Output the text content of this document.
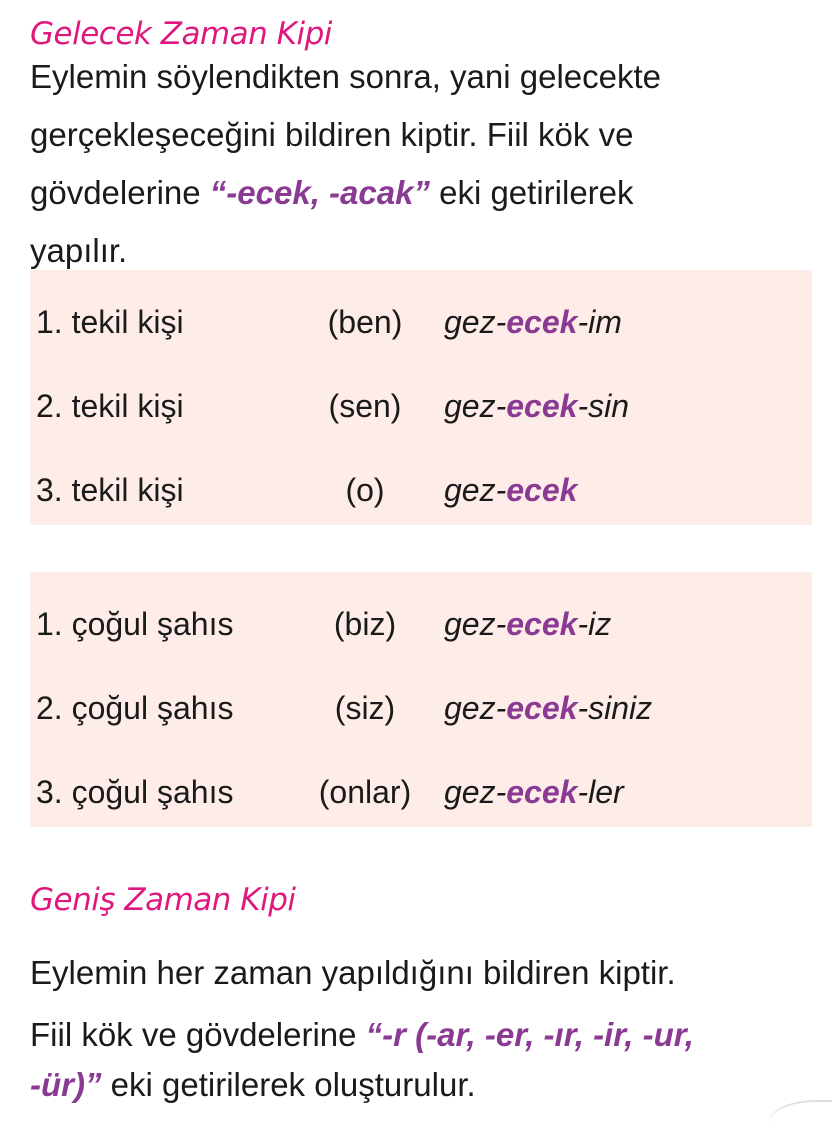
Gelecek Zaman Kipi
Eylemin söylendikten sonra, yani gelecekte
gerçekleşeceğini bildiren kiptir. Fiil kök ve
gövdelerine “-ecek, -acak” eki getirilerek
yapılır.
1. tekil kişi	(ben)	gez-ecek-im
2. tekil kişi	(sen)	gez-ecek-sin
3. tekil kişi	(o)	gez-ecek
1. çoğul şahıs	(biz)	gez-ecek-iz
2. çoğul şahıs	(siz)	gez-ecek-siniz
3. çoğul şahıs	(onlar)	gez-ecek-ler
Geniş Zaman Kipi
Eylemin her zaman yapıldığını bildiren kiptir.
Fiil kök ve gövdelerine “-r (-ar, -er, -ır, -ir, -ur,
-ür)” eki getirilerek oluşturulur.
